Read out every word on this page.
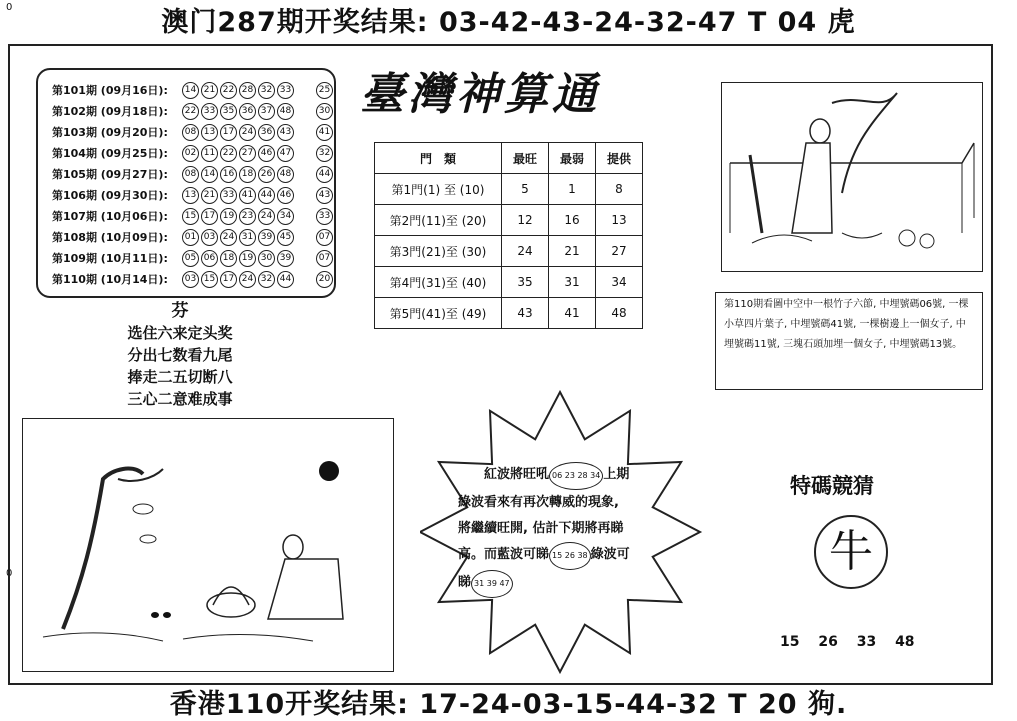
0
0
澳门287期开奖结果: 03-42-43-24-32-47 T 04 虎
第101期 (09月16日):	14 21 22 28 32 33	25
第102期 (09月18日):	22 33 35 36 37 48	30
第103期 (09月20日):	08 13 17 24 36 43	41
第104期 (09月25日):	02 11 22 27 46 47	32
第105期 (09月27日):	08 14 16 18 26 48	44
第106期 (09月30日):	13 21 33 41 44 46	43
第107期 (10月06日):	15 17 19 23 24 34	33
第108期 (10月09日):	01 03 24 31 39 45	07
第109期 (10月11日):	05 06 18 19 30 39	07
第110期 (10月14日):	03 15 17 24 32 44	20
臺灣神算通
門　類	最旺	最弱	提供
第1門(1) 至 (10)	5	1	8
第2門(11)至 (20)	12	16	13
第3門(21)至 (30)	24	21	27
第4門(31)至 (40)	35	31	34
第5門(41)至 (49)	43	41	48
第110期看圖中空中一根竹子六節, 中埋號碼06號, 一棵小草四片葉子, 中埋號碼41號, 一棵樹邊上一個女子, 中埋號碼11號, 三塊石頭加埋一個女子, 中埋號碼13號。
芬
选住六来定头奖
分出七数看九尾
捧走二五切断八
三心二意难成事
紅波將旺吼 06 23 28 34 上期
綠波看來有再次轉威的現象,
將繼續旺開, 估計下期將再睇
高。而藍波可睇 15 26 38 綠波可
睇 31 39 47
特碼競猜
牛
15 26 33 48
香港110开奖结果: 17-24-03-15-44-32 T 20 狗.
